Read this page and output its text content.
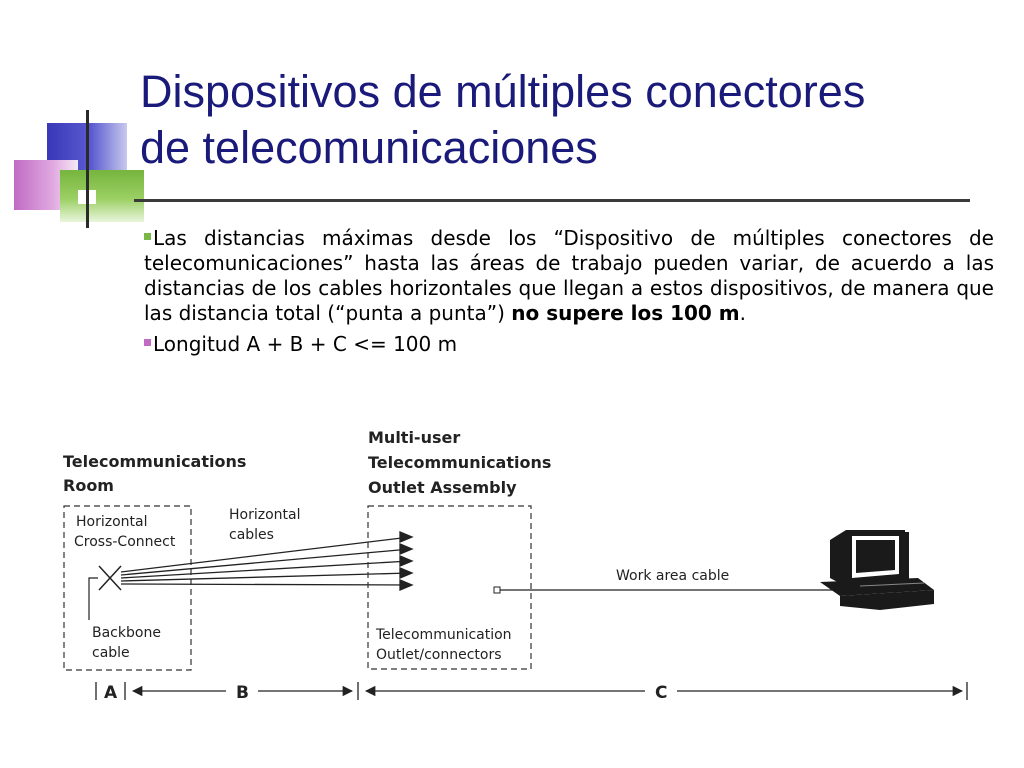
Dispositivos de múltiples conectores
de telecomunicaciones
Las distancias máximas desde los “Dispositivo de múltiples conectores de telecomunicaciones” hasta las áreas de trabajo pueden variar, de acuerdo a las distancias de los cables horizontales que llegan a estos dispositivos, de manera que las distancia total (“punta a punta”) no supere los 100 m.
Longitud A + B + C <= 100 m
Telecommunications
Room
Horizontal
Cross-Connect
Backbone
cable
Horizontal
cables
Multi-user
Telecommunications
Outlet Assembly
Telecommunication
Outlet/connectors
Work area cable
A	B	C
